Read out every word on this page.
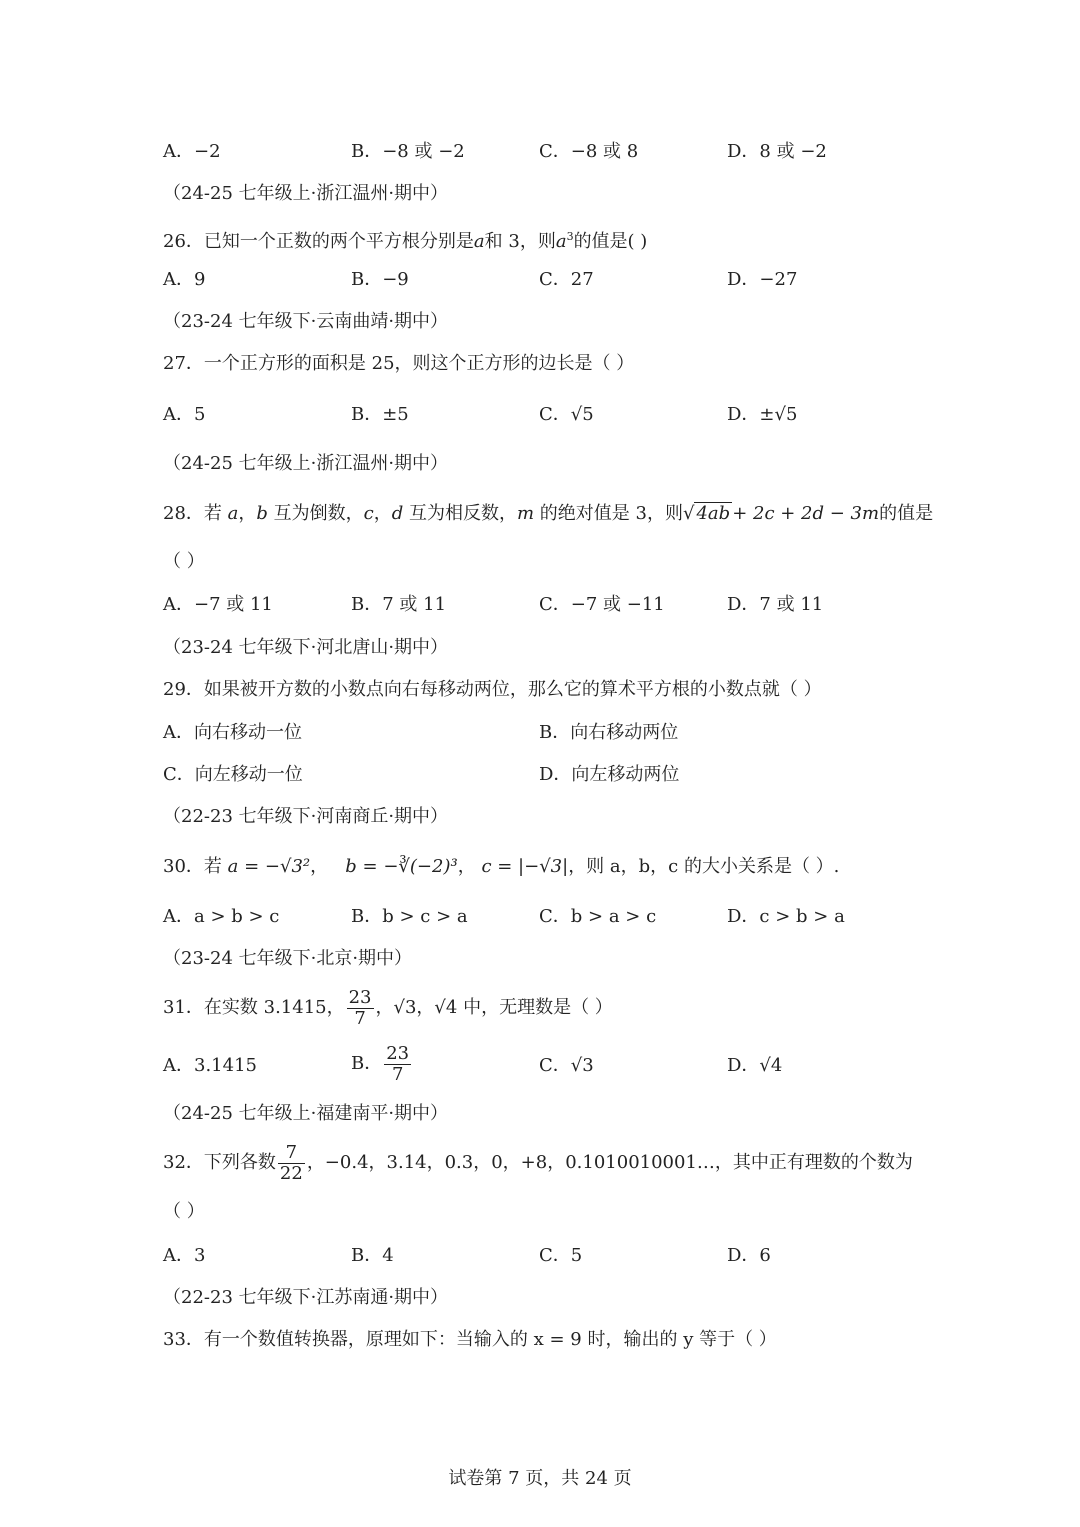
A．−2	B．−8 或 −2	C．−8 或 8	D．8 或 −2
（24-25 七年级上·浙江温州·期中）
26．已知一个正数的两个平方根分别是a和 3，则$a^3$的值是( )
A．9	B．−9	C．27	D．−27
（23-24 七年级下·云南曲靖·期中）
27．一个正方形的面积是 25，则这个正方形的边长是（ ）
A．5	B．±5	C．√5	D．±√5
（24-25 七年级上·浙江温州·期中）
28．若 a，b 互为倒数，c，d 互为相反数，m 的绝对值是 3，则√ 4ab + 2c + 2d − 3m的值是
（ ）
A．−7 或 11	B．7 或 11	C．−7 或 −11	D．7 或 11
（23-24 七年级下·河北唐山·期中）
29．如果被开方数的小数点向右每移动两位，那么它的算术平方根的小数点就（ ）
A．向右移动一位	B．向右移动两位
C．向左移动一位	D．向左移动两位
（22-23 七年级下·河南商丘·期中）
30．若 a = −√3²，   b = −∛(−2)³， c = |−√3|，则 a，b，c 的大小关系是（ ）.
A．a > b > c	B．b > c > a	C．b > a > c	D．c > b > a
（23-24 七年级下·北京·期中）
31．在实数 3.1415， $\frac{23}{7}$ ，√3，√4 中，无理数是（ ）
A．3.1415	B． $\frac{23}{7}$	C．√3	D．√4
（24-25 七年级上·福建南平·期中）
32．下列各数 $\frac{7}{22}$ ，−0.4，3.14，0.3，0，+8，0.1010010001…，其中正有理数的个数为
（ ）
A．3	B．4	C．5	D．6
（22-23 七年级下·江苏南通·期中）
33．有一个数值转换器，原理如下：当输入的 x = 9 时，输出的 y 等于（ ）
试卷第 7 页，共 24 页
